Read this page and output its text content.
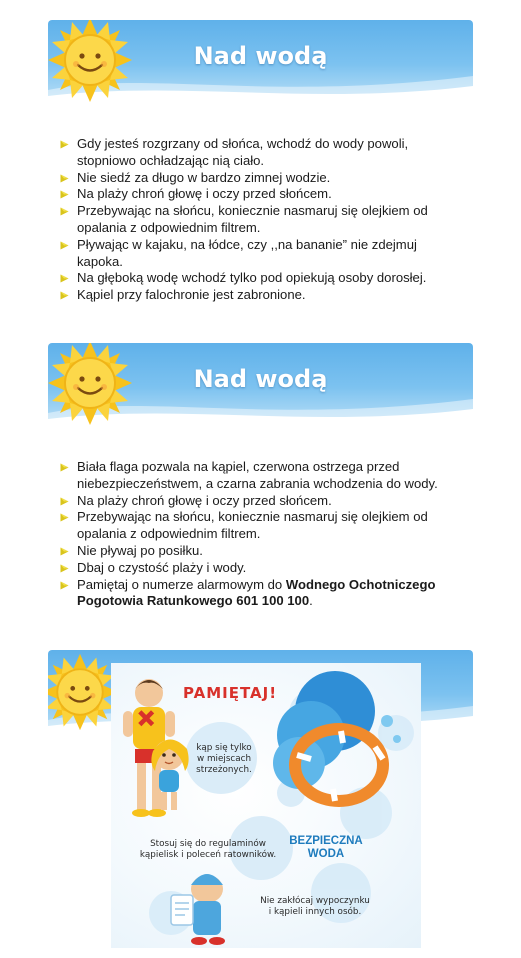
Nad wodą
Gdy jesteś rozgrzany od słońca, wchodź do wody powoli, stopniowo ochładzając nią ciało.
Nie siedź za długo w bardzo zimnej wodzie.
Na plaży chroń głowę i oczy przed słońcem.
Przebywając na słońcu, koniecznie nasmaruj się olejkiem od opalania z odpowiednim filtrem.
Pływając w kajaku, na łódce, czy ,,na bananie” nie zdejmuj kapoka.
Na głęboką wodę wchodź tylko pod opiekują osoby dorosłej.
Kąpiel przy falochronie jest zabronione.
Nad wodą
Biała flaga pozwala na kąpiel, czerwona ostrzega przed niebezpieczeństwem, a czarna zabrania wchodzenia do wody.
Na plaży chroń głowę i oczy przed słońcem.
Przebywając na słońcu, koniecznie nasmaruj się olejkiem od opalania z odpowiednim filtrem.
Nie pływaj po posiłku.
Dbaj o czystość plaży i wody.
Pamiętaj o numerze alarmowym do Wodnego Ochotniczego Pogotowia Ratunkowego 601 100 100.
PAMIĘTAJ!
kąp się tylko
w miejscach
strzeżonych.
Stosuj się do regulaminów
kąpielisk i poleceń ratowników.
Nie zakłócaj wypoczynku
i kąpieli innych osób.
BEZPIECZNA
WODA
